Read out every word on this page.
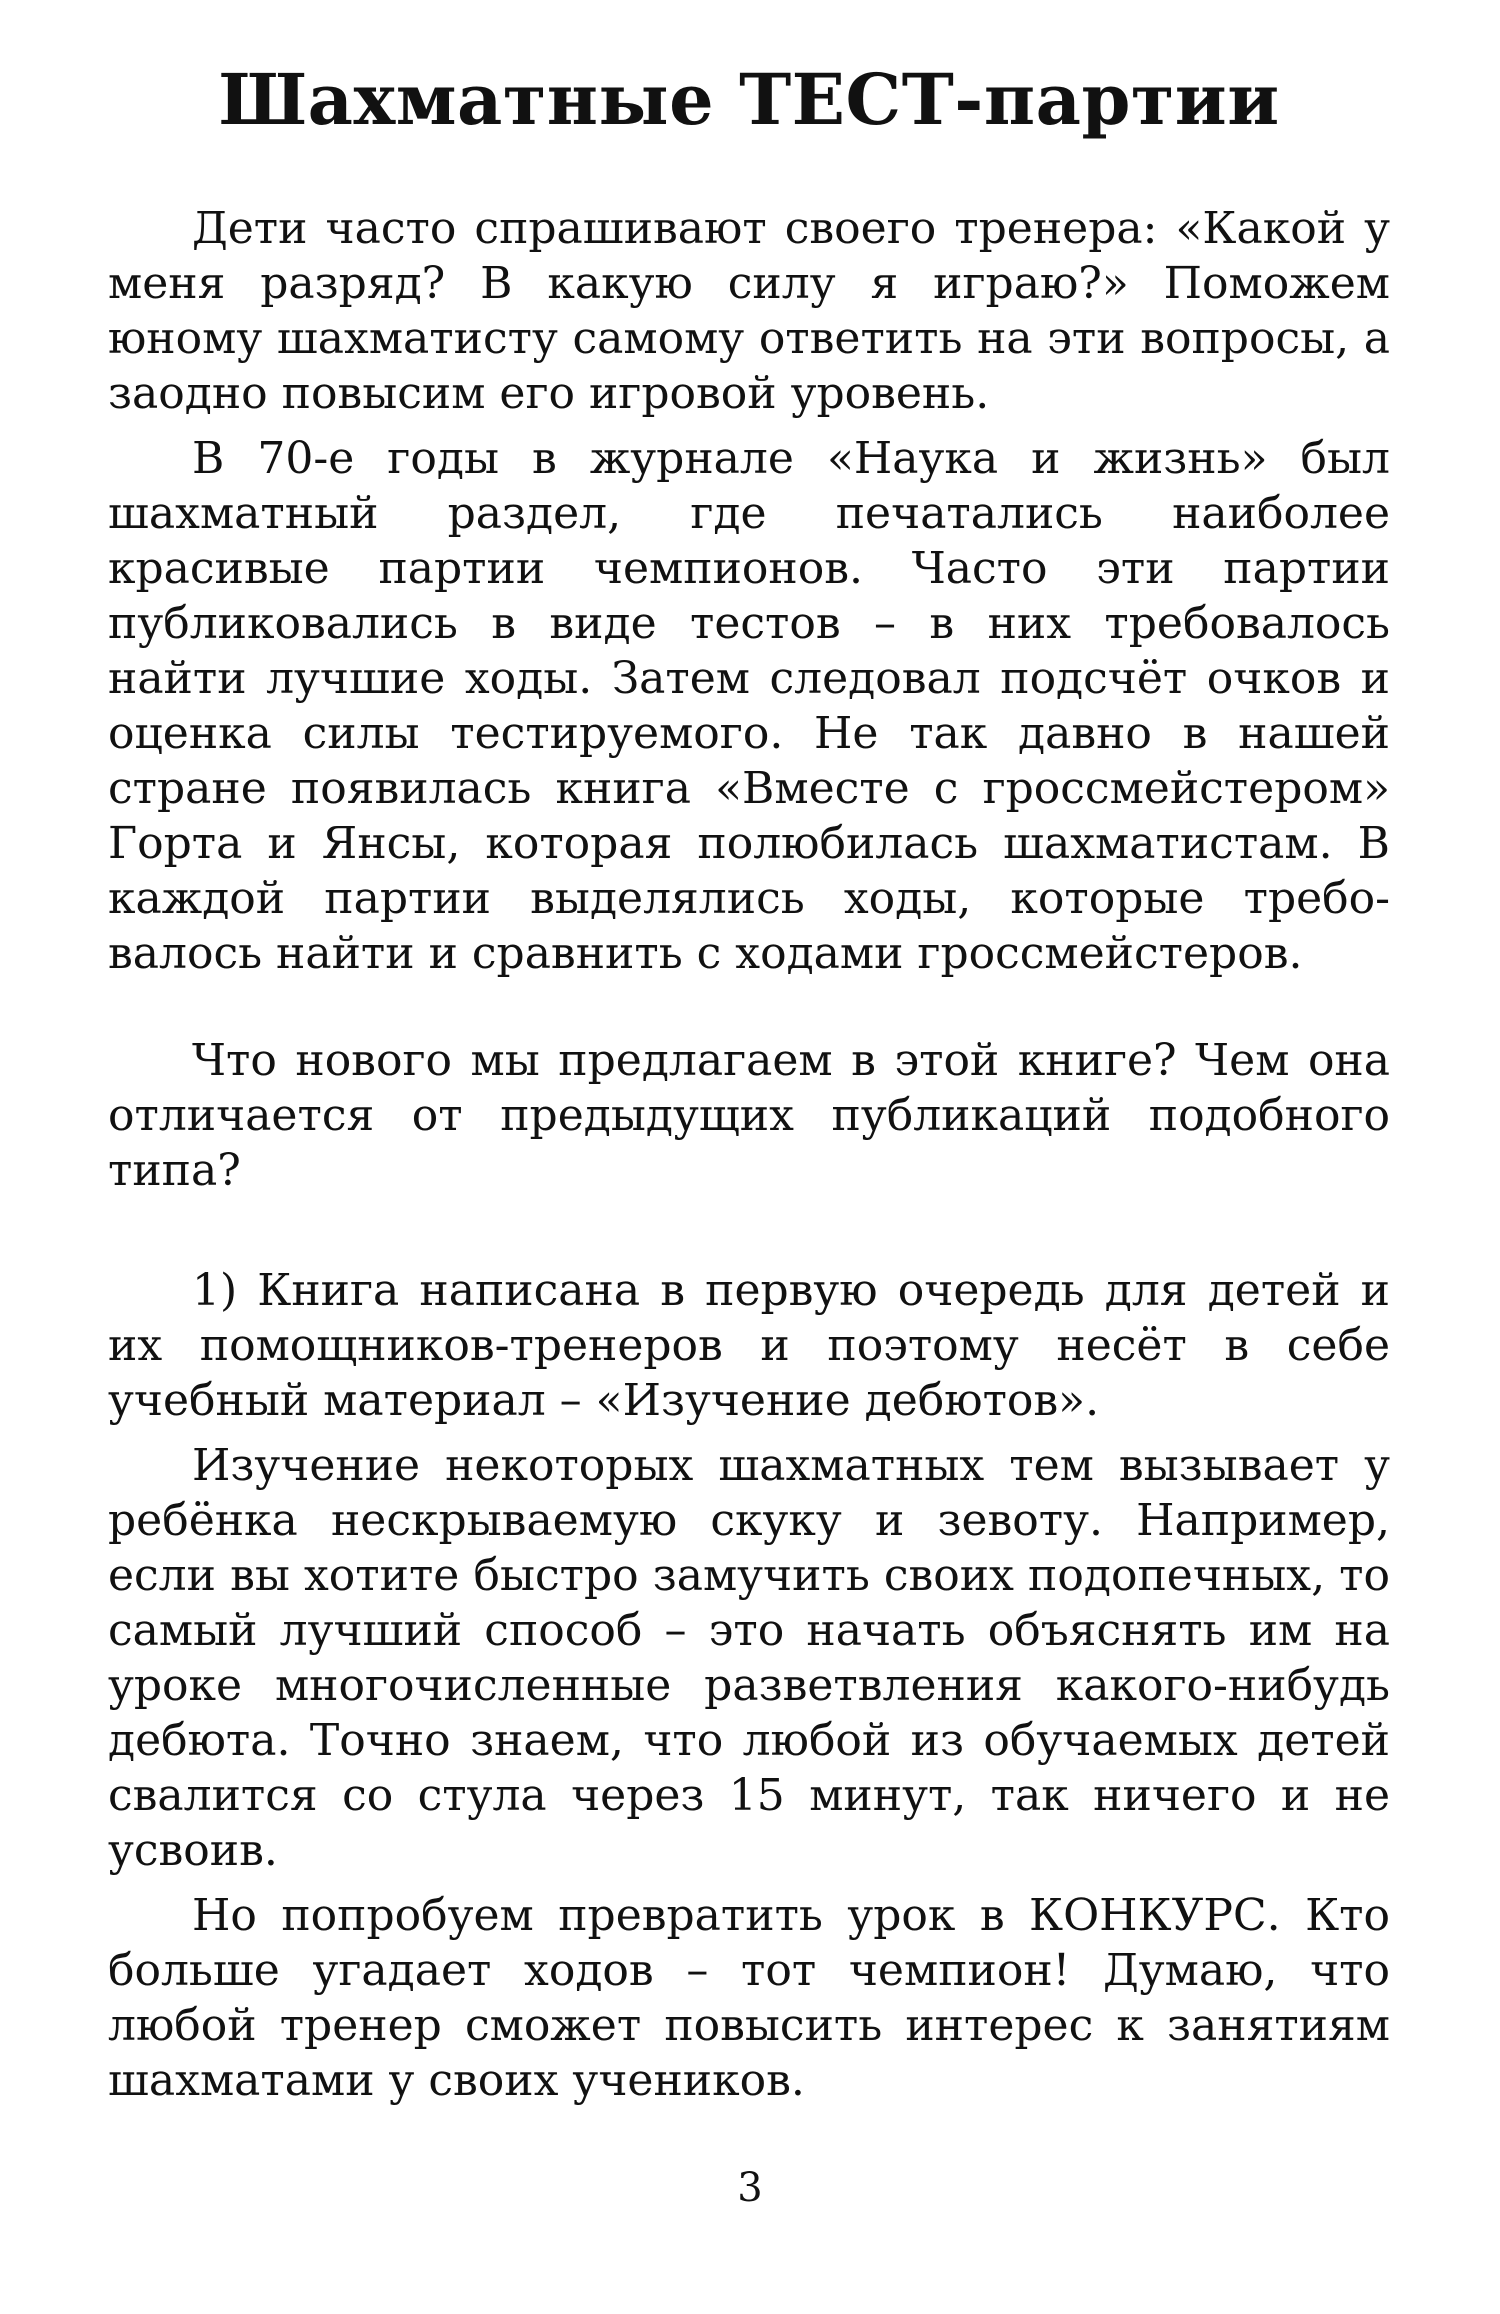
Шахматные ТЕСТ-партии

Дети часто спрашивают своего тренера: «Какой у меня разряд? В какую силу я играю?» Поможем юному шахматисту самому ответить на эти вопросы, а заодно повысим его игровой уровень.

В 70-е годы в журнале «Наука и жизнь» был шахматный раздел, где печатались наиболее красивые партии чемпионов. Часто эти партии публиковались в виде тестов – в них требовалось найти лучшие ходы. Затем следовал подсчёт очков и оценка силы тестируемого. Не так давно в нашей стране появилась книга «Вместе с гроссмейстером» Горта и Янсы, которая полюбилась шахматистам. В каждой партии выделялись ходы, которые требовалось найти и сравнить с ходами гроссмейстеров.

Что нового мы предлагаем в этой книге? Чем она отличается от предыдущих публикаций подобного типа?

1) Книга написана в первую очередь для детей и их помощников-тренеров и поэтому несёт в себе учебный материал – «Изучение дебютов».

Изучение некоторых шахматных тем вызывает у ребёнка нескрываемую скуку и зевоту. Например, если вы хотите быстро замучить своих подопечных, то самый лучший способ – это начать объяснять им на уроке многочисленные разветвления какого-нибудь дебюта. Точно знаем, что любой из обучаемых детей свалится со стула через 15 минут, так ничего и не усвоив.

Но попробуем превратить урок в КОНКУРС. Кто больше угадает ходов – тот чемпион! Думаю, что любой тренер сможет повысить интерес к занятиям шахматами у своих учеников.

3
